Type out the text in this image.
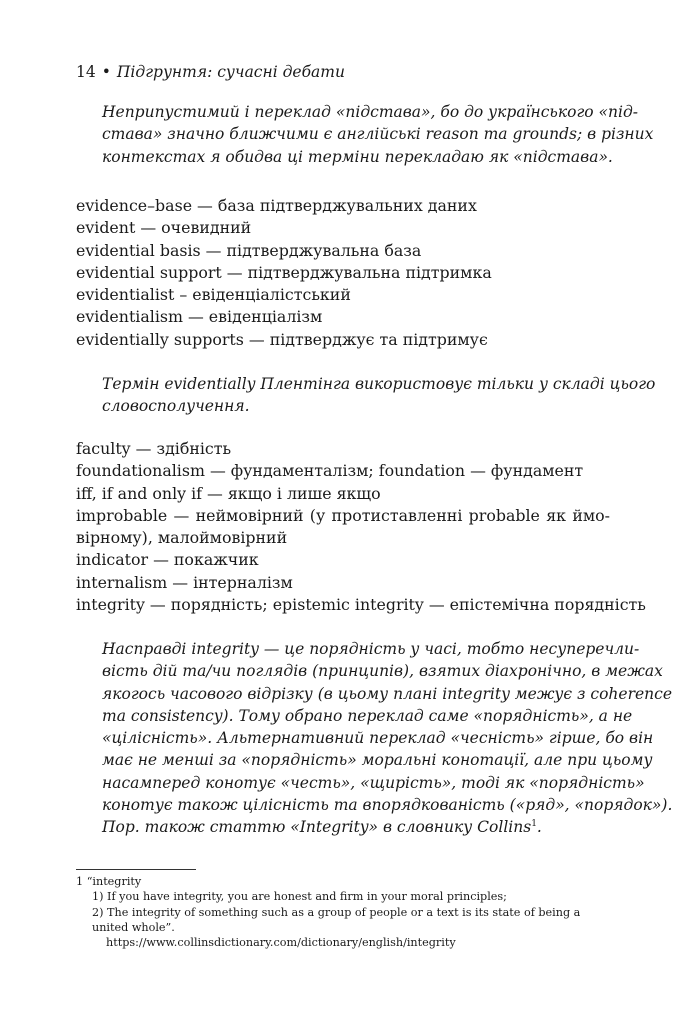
14 • Підгрунтя: сучасні дебати
Неприпустимий і переклад «підстава», бо до українського «під-
става» значно ближчими є англійські reason та grounds; в різних
контекстах я обидва ці терміни перекладаю як «підстава».
evidence–base — база підтверджувальних даних
evident — очевидний
evidential basis — підтверджувальна база
evidential support — підтверджувальна підтримка
evidentialist – евіденціалістський
evidentialism — евіденціалізм
evidentially supports — підтверджує та підтримує
Термін evidentially Плентінга використовує тільки у складі цього
словосполучення.
faculty — здібність
foundationalism — фундаменталізм; foundation — фундамент
iff, if and only if — якщо і лише якщо
improbable — неймовірний (у протиставленні probable як ймо-
вірному), малоймовірний
indicator — покажчик
internalism — інтерналізм
integrity — порядність; epistemic integrity — епістемічна порядність
Насправді integrity — це порядність у часі, тобто несуперечли-
вість дій та/чи поглядів (принципів), взятих діахронічно, в межах
якогось часового відрізку (в цьому плані integrity межує з coherence
та consistency). Тому обрано переклад саме «порядність», а не
«цілісність». Альтернативний переклад «чесність» гірше, бо він
має не менші за «порядність» моральні конотації, але при цьому
насамперед конотує «честь», «щирість», тоді як «порядність»
конотує також цілісність та впорядкованість («ряд», «порядок»).
Пор. також статтю «Integrity» в словнику Collins$^1$.
1 “integrity
1) If you have integrity, you are honest and firm in your moral principles;
2) The integrity of something such as a group of people or a text is its state of being a
united whole”.
https://www.collinsdictionary.com/dictionary/english/integrity
